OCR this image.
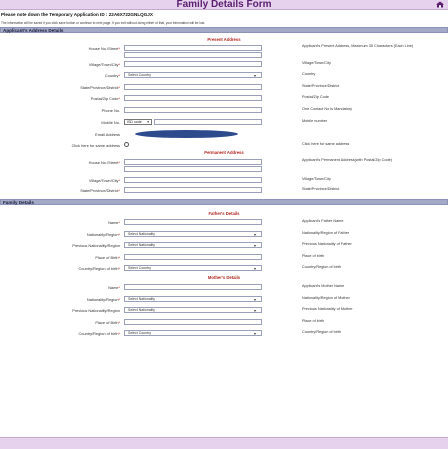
Family Details Form
Please note down the Temporary Application ID : 22A6X722GNLQGJX
The information will be saved if you click save button or continue to next page. If you exit without doing either of that, your information will be lost.
Applicant's Address Details
Present Address
House No./Street*	Applicant's Present Address, Maximum 35 Characters (Each Line)
Village/Town/City*	Village/Town/City
Country*	Select Country	▾	Country
State/Province/District*	State/Province/District
Postal/Zip Code*	Postal/Zip Code
Phone No.	One Contact No is Mandatory
Mobile No.	ISD code ▾	Mobile number
Email Address
Click here for same address	Click here for same address
Permanent Address
House No./Street*	Applicant's Permanent Address(with Postal/Zip Code)
Village/Town/City*	Village/Town/City
State/Province/District*	State/Province/District
Family Details
Father's Details
Name*	Applicant's Father Name
Nationality/Region*	Select Nationality	▾	Nationality/Region of Father
Previous Nationality/Region	Select Nationality	▾	Previous Nationality of Father
Place of Birth*	Place of birth
Country/Region of birth*	Select Country	▾	Country/Region of birth
Mother's Details
Name*	Applicant's Mother Name
Nationality/Region*	Select Nationality	▾	Nationality/Region of Mother
Previous Nationality/Region	Select Nationality	▾	Previous Nationality of Mother
Place of Birth*	Place of birth
Country/Region of birth*	Select Country	▾	Country/Region of birth
